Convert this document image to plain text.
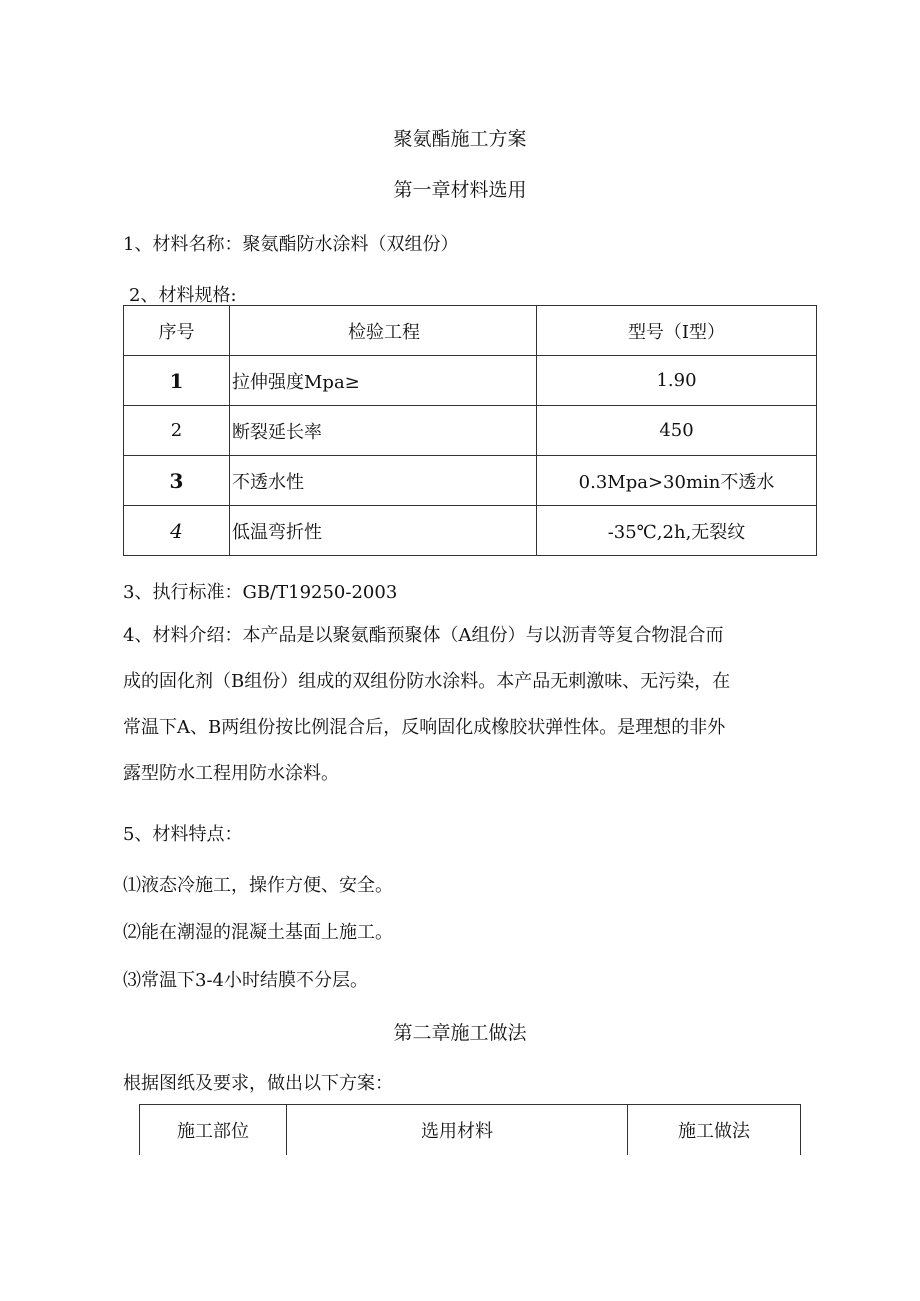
聚氨酯施工方案
第一章材料选用
1、材料名称：聚氨酯防水涂料（双组份）
2、材料规格:
序号	检验工程	型号（I型）
1	拉伸强度Mpa≥	1.90
2	断裂延长率	450
3	不透水性	0.3Mpa>30min不透水
4	低温弯折性	-35℃,2h,无裂纹
3、执行标准：GB/T19250-2003
4、材料介绍：本产品是以聚氨酯预聚体（A组份）与以沥青等复合物混合而
成的固化剂（B组份）组成的双组份防水涂料。本产品无刺激味、无污染，在
常温下A、B两组份按比例混合后，反响固化成橡胶状弹性体。是理想的非外
露型防水工程用防水涂料。
5、材料特点：
⑴液态冷施工，操作方便、安全。
⑵能在潮湿的混凝土基面上施工。
⑶常温下3-4小时结膜不分层。
第二章施工做法
根据图纸及要求，做出以下方案：
施工部位	选用材料	施工做法
